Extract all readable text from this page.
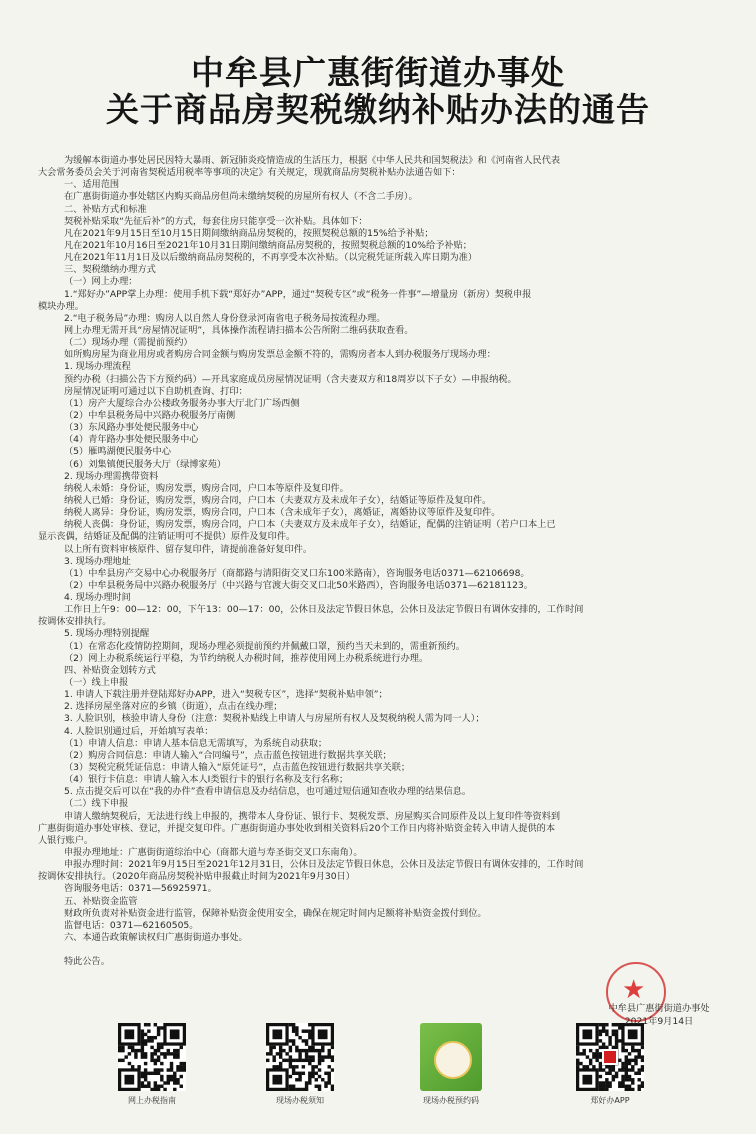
中牟县广惠街街道办事处
关于商品房契税缴纳补贴办法的通告
为缓解本街道办事处居民因特大暴雨、新冠肺炎疫情造成的生活压力，根据《中华人民共和国契税法》和《河南省人民代表
大会常务委员会关于河南省契税适用税率等事项的决定》有关规定，现就商品房契税补贴办法通告如下：
一、适用范围
在广惠街街道办事处辖区内购买商品房但尚未缴纳契税的房屋所有权人（不含二手房）。
二、补贴方式和标准
契税补贴采取“先征后补”的方式，每套住房只能享受一次补贴。具体如下：
凡在2021年9月15日至10月15日期间缴纳商品房契税的，按照契税总额的15%给予补贴；
凡在2021年10月16日至2021年10月31日期间缴纳商品房契税的，按照契税总额的10%给予补贴；
凡在2021年11月1日及以后缴纳商品房契税的，不再享受本次补贴。（以完税凭证所载入库日期为准）
三、契税缴纳办理方式
（一）网上办理：
1.“郑好办”APP掌上办理：使用手机下载“郑好办”APP，通过“契税专区”或“税务一件事”—增量房（新房）契税申报
模块办理。
2.“电子税务局”办理：购房人以自然人身份登录河南省电子税务局按流程办理。
网上办理无需开具“房屋情况证明”，具体操作流程请扫描本公告所附二维码获取查看。
（二）现场办理（需提前预约）
如所购房屋为商业用房或者购房合同金额与购房发票总金额不符的，需购房者本人到办税服务厅现场办理：
1. 现场办理流程
预约办税（扫描公告下方预约码）—开具家庭成员房屋情况证明（含夫妻双方和18周岁以下子女）—申报纳税。
房屋情况证明可通过以下自助机查询、打印：
（1）房产大厦综合办公楼政务服务办事大厅北门广场西侧
（2）中牟县税务局中兴路办税服务厅南侧
（3）东风路办事处便民服务中心
（4）青年路办事处便民服务中心
（5）雁鸣湖便民服务中心
（6）刘集镇便民服务大厅（绿博家苑）
2. 现场办理需携带资料
纳税人未婚：身份证，购房发票，购房合同，户口本等原件及复印件。
纳税人已婚：身份证，购房发票，购房合同，户口本（夫妻双方及未成年子女），结婚证等原件及复印件。
纳税人离异：身份证，购房发票，购房合同，户口本（含未成年子女），离婚证，离婚协议等原件及复印件。
纳税人丧偶：身份证，购房发票，购房合同，户口本（夫妻双方及未成年子女），结婚证，配偶的注销证明（若户口本上已
显示丧偶，结婚证及配偶的注销证明可不提供）原件及复印件。
以上所有资料审核原件、留存复印件，请提前准备好复印件。
3. 现场办理地址
（1）中牟县房产交易中心办税服务厅（商都路与清阳街交叉口东100米路南），咨询服务电话0371—62106698。
（2）中牟县税务局中兴路办税服务厅（中兴路与官渡大街交叉口北50米路西），咨询服务电话0371—62181123。
4. 现场办理时间
工作日上午9：00—12：00，下午13：00—17：00，公休日及法定节假日休息，公休日及法定节假日有调休安排的，工作时间
按调休安排执行。
5. 现场办理特别提醒
（1）在常态化疫情防控期间，现场办理必须提前预约并佩戴口罩，预约当天未到的，需重新预约。
（2）网上办税系统运行平稳，为节约纳税人办税时间，推荐使用网上办税系统进行办理。
四、补贴资金划转方式
（一）线上申报
1. 申请人下载注册并登陆郑好办APP，进入“契税专区”，选择“契税补贴申领”；
2. 选择房屋坐落对应的乡镇（街道），点击在线办理；
3. 人脸识别，核验申请人身份（注意：契税补贴线上申请人与房屋所有权人及契税纳税人需为同一人）；
4. 人脸识别通过后，开始填写表单：
（1）申请人信息：申请人基本信息无需填写，为系统自动获取；
（2）购房合同信息：申请人输入“合同编号”，点击蓝色按钮进行数据共享关联；
（3）契税完税凭证信息：申请人输入“原凭证号”，点击蓝色按钮进行数据共享关联；
（4）银行卡信息：申请人输入本人I类银行卡的银行名称及支行名称；
5. 点击提交后可以在“我的办件”查看申请信息及办结信息，也可通过短信通知查收办理的结果信息。
（二）线下申报
申请人缴纳契税后，无法进行线上申报的，携带本人身份证、银行卡、契税发票、房屋购买合同原件及以上复印件等资料到
广惠街街道办事处审核、登记，并提交复印件。广惠街街道办事处收到相关资料后20个工作日内将补贴资金转入申请人提供的本
人银行账户。
申报办理地址：广惠街街道综治中心（商都大道与寿圣街交叉口东南角）。
申报办理时间：2021年9月15日至2021年12月31日，公休日及法定节假日休息，公休日及法定节假日有调休安排的，工作时间
按调休安排执行。（2020年商品房契税补贴申报截止时间为2021年9月30日）
咨询服务电话：0371—56925971。
五、补贴资金监管
财政所负责对补贴资金进行监管，保障补贴资金使用安全，确保在规定时间内足额将补贴资金拨付到位。
监督电话：0371—62160505。
六、本通告政策解读权归广惠街街道办事处。
特此公告。
★
中牟县广惠街街道办事处
2021年9月14日
网上办税指南	现场办税须知	现场办税预约码	郑好办APP
